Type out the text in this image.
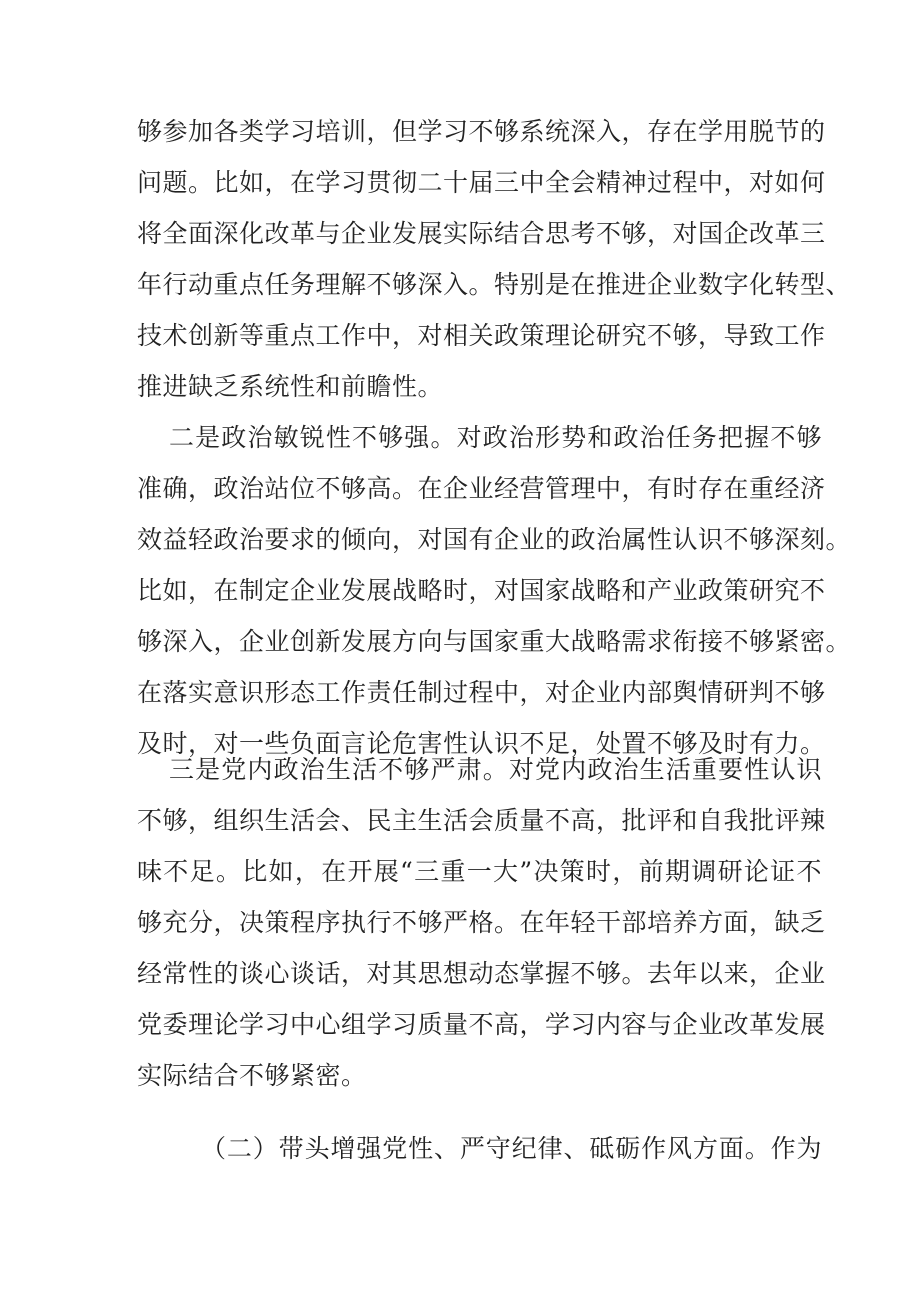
够参加各类学习培训，但学习不够系统深入，存在学用脱节的
问题。比如，在学习贯彻二十届三中全会精神过程中，对如何
将全面深化改革与企业发展实际结合思考不够，对国企改革三
年行动重点任务理解不够深入。特别是在推进企业数字化转型、
技术创新等重点工作中，对相关政策理论研究不够，导致工作
推进缺乏系统性和前瞻性。
二是政治敏锐性不够强。对政治形势和政治任务把握不够
准确，政治站位不够高。在企业经营管理中，有时存在重经济
效益轻政治要求的倾向，对国有企业的政治属性认识不够深刻。
比如，在制定企业发展战略时，对国家战略和产业政策研究不
够深入，企业创新发展方向与国家重大战略需求衔接不够紧密。
在落实意识形态工作责任制过程中，对企业内部舆情研判不够
及时，对一些负面言论危害性认识不足，处置不够及时有力。
三是党内政治生活不够严肃。对党内政治生活重要性认识
不够，组织生活会、民主生活会质量不高，批评和自我批评辣
味不足。比如，在开展“三重一大”决策时，前期调研论证不
够充分，决策程序执行不够严格。在年轻干部培养方面，缺乏
经常性的谈心谈话，对其思想动态掌握不够。去年以来，企业
党委理论学习中心组学习质量不高，学习内容与企业改革发展
实际结合不够紧密。
（二）带头增强党性、严守纪律、砥砺作风方面。作为
